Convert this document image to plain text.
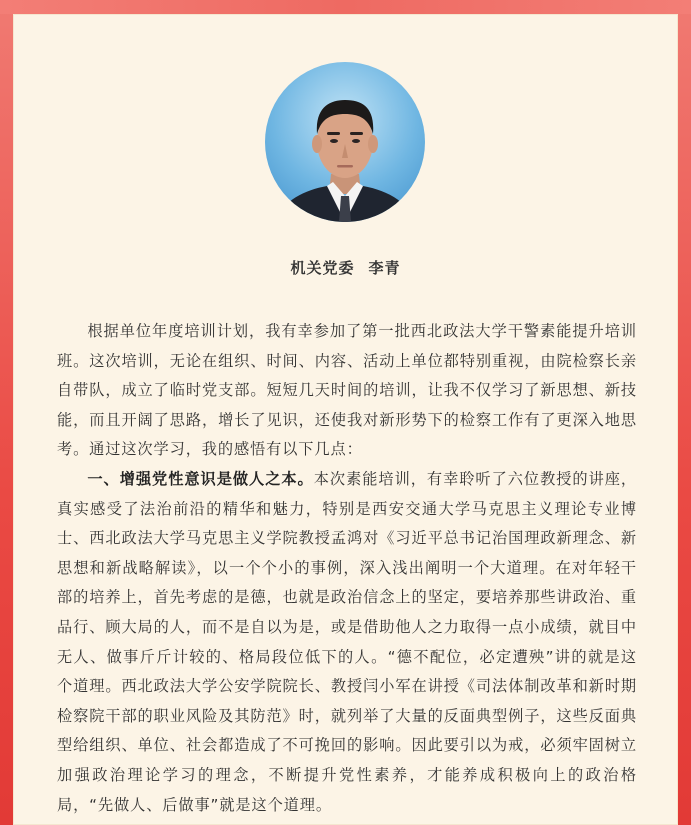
机关党委 李青

根据单位年度培训计划，我有幸参加了第一批西北政法大学干警素能提升培训班。这次培训，无论在组织、时间、内容、活动上单位都特别重视，由院检察长亲自带队，成立了临时党支部。短短几天时间的培训，让我不仅学习了新思想、新技能，而且开阔了思路，增长了见识，还使我对新形势下的检察工作有了更深入地思考。通过这次学习，我的感悟有以下几点：

一、增强党性意识是做人之本。本次素能培训，有幸聆听了六位教授的讲座，真实感受了法治前沿的精华和魅力，特别是西安交通大学马克思主义理论专业博士、西北政法大学马克思主义学院教授孟鸿对《习近平总书记治国理政新理念、新思想和新战略解读》，以一个个小的事例，深入浅出阐明一个大道理。在对年轻干部的培养上，首先考虑的是德，也就是政治信念上的坚定，要培养那些讲政治、重品行、顾大局的人，而不是自以为是，或是借助他人之力取得一点小成绩，就目中无人、做事斤斤计较的、格局段位低下的人。“德不配位，必定遭殃”讲的就是这个道理。西北政法大学公安学院院长、教授闫小军在讲授《司法体制改革和新时期检察院干部的职业风险及其防范》时，就列举了大量的反面典型例子，这些反面典型给组织、单位、社会都造成了不可挽回的影响。因此要引以为戒，必须牢固树立加强政治理论学习的理念，不断提升党性素养，才能养成积极向上的政治格局，“先做人、后做事”就是这个道理。
